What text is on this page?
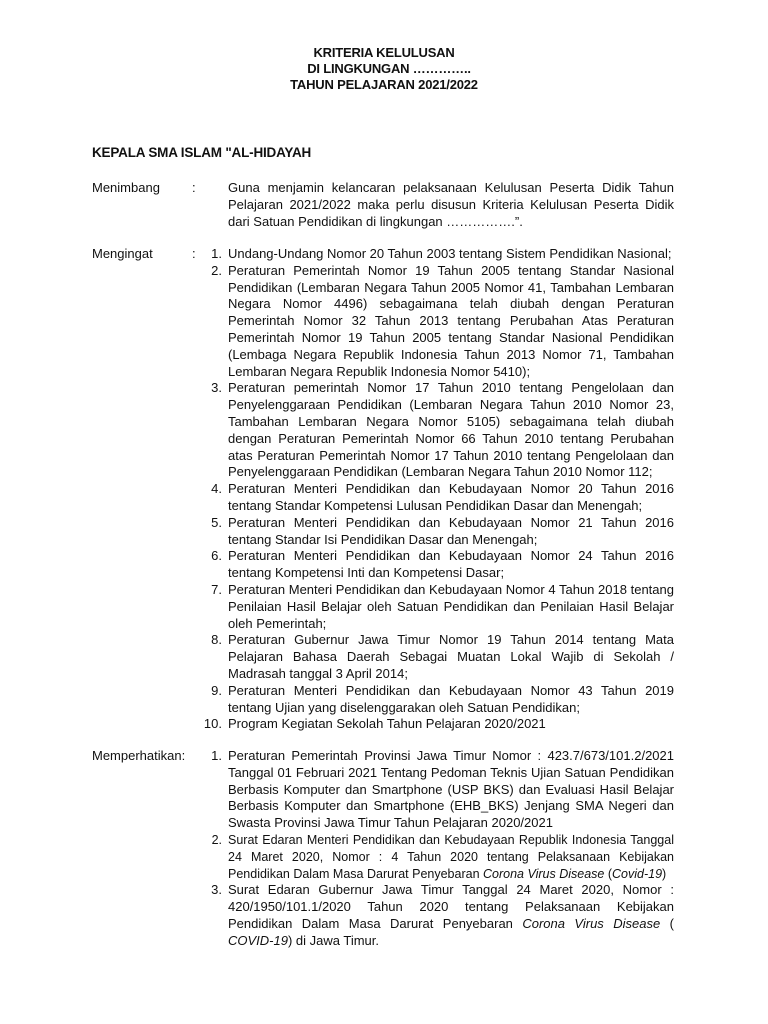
KRITERIA KELULUSAN
DI LINGKUNGAN …………..
TAHUN PELAJARAN 2021/2022
KEPALA SMA ISLAM "AL-HIDAYAH
Menimbang : Guna menjamin kelancaran pelaksanaan Kelulusan Peserta Didik Tahun Pelajaran 2021/2022 maka perlu disusun Kriteria Kelulusan Peserta Didik dari Satuan Pendidikan di lingkungan …………….”.
Mengingat	:	1. Undang-Undang Nomor 20 Tahun 2003 tentang Sistem Pendidikan Nasional;
2. Peraturan Pemerintah Nomor 19 Tahun 2005 tentang Standar Nasional Pendidikan (Lembaran Negara Tahun 2005 Nomor 41, Tambahan Lembaran Negara Nomor 4496) sebagaimana telah diubah dengan Peraturan Pemerintah Nomor 32 Tahun 2013 tentang Perubahan Atas Peraturan Pemerintah Nomor 19 Tahun 2005 tentang Standar Nasional Pendidikan (Lembaga Negara Republik Indonesia Tahun 2013 Nomor 71, Tambahan Lembaran Negara Republik Indonesia Nomor 5410);
3. Peraturan pemerintah Nomor 17 Tahun 2010 tentang Pengelolaan dan Penyelenggaraan Pendidikan (Lembaran Negara Tahun 2010 Nomor 23, Tambahan Lembaran Negara Nomor 5105) sebagaimana telah diubah dengan Peraturan Pemerintah Nomor 66 Tahun 2010 tentang Perubahan atas Peraturan Pemerintah Nomor 17 Tahun 2010 tentang Pengelolaan dan Penyelenggaraan Pendidikan (Lembaran Negara Tahun 2010 Nomor 112;
4. Peraturan Menteri Pendidikan dan Kebudayaan Nomor 20 Tahun 2016 tentang Standar Kompetensi Lulusan Pendidikan Dasar dan Menengah;
5. Peraturan Menteri Pendidikan dan Kebudayaan Nomor 21 Tahun 2016 tentang Standar Isi Pendidikan Dasar dan Menengah;
6. Peraturan Menteri Pendidikan dan Kebudayaan Nomor 24 Tahun 2016 tentang Kompetensi Inti dan Kompetensi Dasar;
7. Peraturan Menteri Pendidikan dan Kebudayaan Nomor 4 Tahun 2018 tentang Penilaian Hasil Belajar oleh Satuan Pendidikan dan Penilaian Hasil Belajar oleh Pemerintah;
8. Peraturan Gubernur Jawa Timur Nomor 19 Tahun 2014 tentang Mata Pelajaran Bahasa Daerah Sebagai Muatan Lokal Wajib di Sekolah / Madrasah tanggal 3 April 2014;
9. Peraturan Menteri Pendidikan dan Kebudayaan Nomor 43 Tahun 2019 tentang Ujian yang diselenggarakan oleh Satuan Pendidikan;
10. Program Kegiatan Sekolah Tahun Pelajaran 2020/2021
Memperhatikan:	1. Peraturan Pemerintah Provinsi Jawa Timur Nomor : 423.7/673/101.2/2021 Tanggal 01 Februari 2021 Tentang Pedoman Teknis Ujian Satuan Pendidikan Berbasis Komputer dan Smartphone (USP BKS) dan Evaluasi Hasil Belajar Berbasis Komputer dan Smartphone (EHB_BKS) Jenjang SMA Negeri dan Swasta Provinsi Jawa Timur Tahun Pelajaran 2020/2021
2. Surat Edaran Menteri Pendidikan dan Kebudayaan Republik Indonesia Tanggal 24 Maret 2020, Nomor : 4 Tahun 2020 tentang Pelaksanaan Kebijakan Pendidikan Dalam Masa Darurat Penyebaran Corona Virus Disease (Covid-19)
3. Surat Edaran Gubernur Jawa Timur Tanggal 24 Maret 2020, Nomor : 420/1950/101.1/2020 Tahun 2020 tentang Pelaksanaan Kebijakan Pendidikan Dalam Masa Darurat Penyebaran Corona Virus Disease ( COVID-19) di Jawa Timur.
